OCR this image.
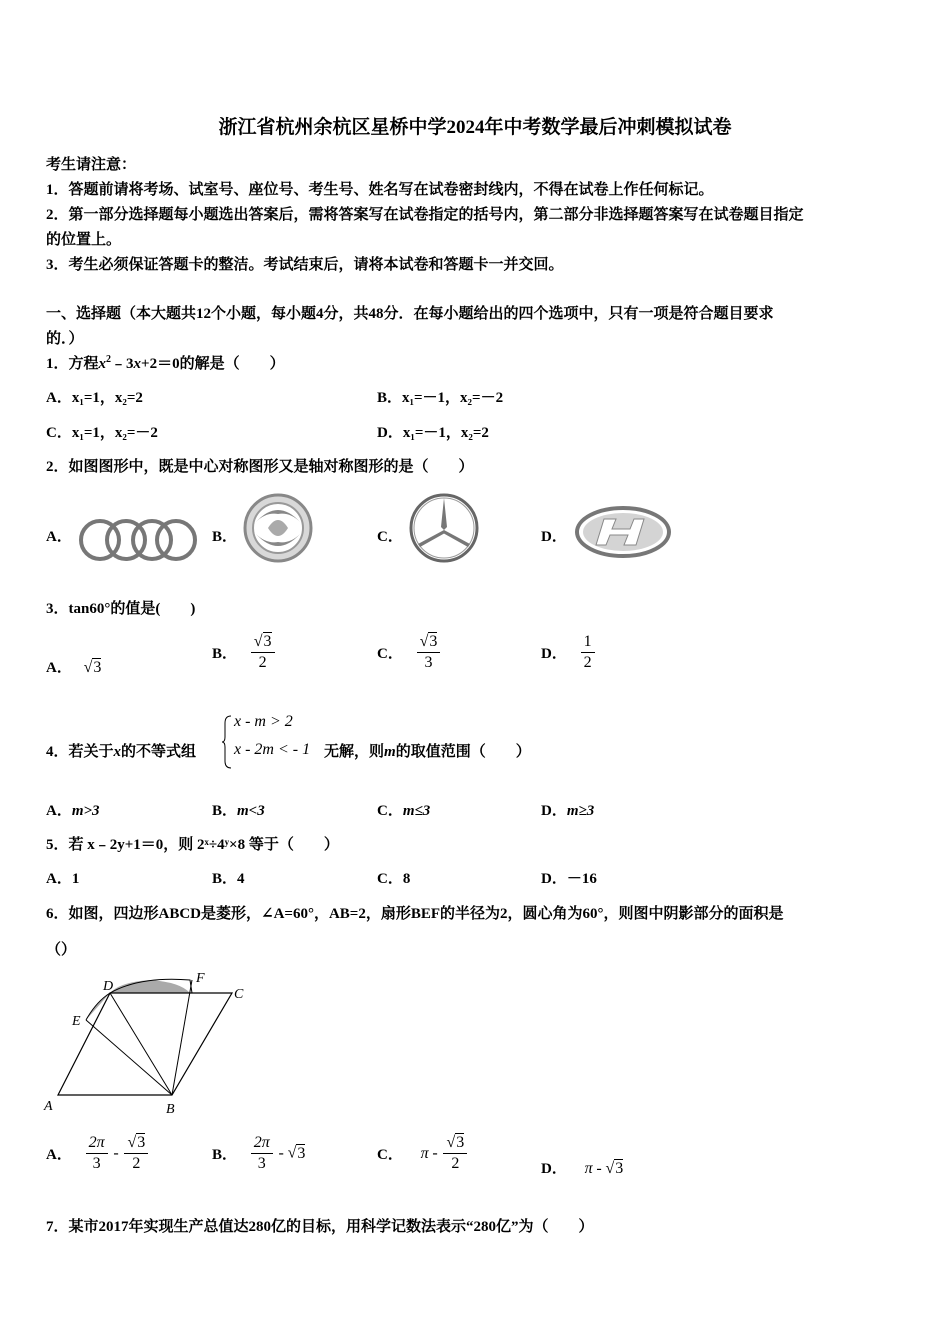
浙江省杭州余杭区星桥中学2024年中考数学最后冲刺模拟试卷
考生请注意：
1．答题前请将考场、试室号、座位号、考生号、姓名写在试卷密封线内，不得在试卷上作任何标记。
2．第一部分选择题每小题选出答案后，需将答案写在试卷指定的括号内，第二部分非选择题答案写在试卷题目指定
的位置上。
3．考生必须保证答题卡的整洁。考试结束后，请将本试卷和答题卡一并交回。
一、选择题（本大题共12个小题，每小题4分，共48分．在每小题给出的四个选项中，只有一项是符合题目要求
的．）
1．方程$x^2﹣3x+2=0$的解是（　　）
A．x₁=1，x₂=2	B．x₁=－1，x₂=－2
C．x₁=1，x₂=－2	D．x₁=－1，x₂=2
2．如图图形中，既是中心对称图形又是轴对称图形的是（　　）
A．	B．	C．	D．
3．tan60°的值是(　　)
A． √3
B． $\frac{√3}{2}$	C． $\frac{√3}{3}$	D． $\frac{1}{2}$
4．若关于x的不等式组
x - m > 2
x - 2m < - 1 无解，则m的取值范围（　　）
A．m>3	B．m<3	C．m≤3	D．m≥3
5．若 x﹣2y+1＝0，则 2ˣ÷4ʸ×8 等于（　　）
A．1	B．4	C．8	D．－16
6．如图，四边形ABCD是菱形，∠A=60°，AB=2，扇形BEF的半径为2，圆心角为60°，则图中阴影部分的面积是
（）
A	B
C
D
E
F
A． $\frac{2\pi}{3} - \frac{√3}{2}$	B． $\frac{2\pi}{3} - √3$	C． π - $\frac{√3}{2}$	D． π - √3
7．某市2017年实现生产总值达280亿的目标，用科学记数法表示“280亿”为（　　）
